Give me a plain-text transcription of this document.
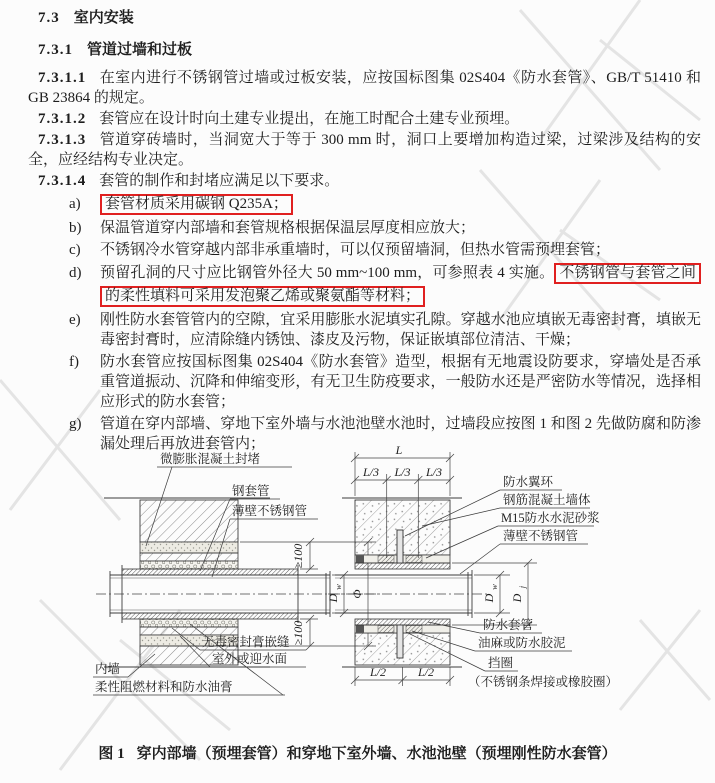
7.3 室内安装
7.3.1 管道过墙和过板

7.3.1.1 在室内进行不锈钢管过墙或过板安装，应按国标图集 02S404《防水套管》、GB/T 51410 和 GB 23864 的规定。

7.3.1.2 套管应在设计时向土建专业提出，在施工时配合土建专业预埋。

7.3.1.3 管道穿砖墙时，当洞宽大于等于 300 mm 时，洞口上要增加构造过梁，过梁涉及结构的安全，应经结构专业决定。

7.3.1.4 套管的制作和封堵应满足以下要求。

a) 套管材质采用碳钢 Q235A；
b) 保温管道穿内部墙和套管规格根据保温层厚度相应放大；
c) 不锈钢冷水管穿越内部非承重墙时，可以仅预留墙洞，但热水管需预埋套管；
d) 预留孔洞的尺寸应比钢管外径大 50 mm~100 mm，可参照表 4 实施。 不锈钢管与套管之间的柔性填料可采用发泡聚乙烯或聚氨酯等材料；
e) 刚性防水套管管内的空隙，宜采用膨胀水泥填实孔隙。穿越水池应填嵌无毒密封膏，填嵌无毒密封膏时，应清除缝内锈蚀、漆皮及污物，保证嵌填部位清洁、干燥；
f) 防水套管应按国标图集 02S404《防水套管》造型，根据有无地震设防要求，穿墙处是否承重管道振动、沉降和伸缩变形，有无卫生防疫要求，一般防水还是严密防水等情况，选择相应形式的防水套管；
g) 管道在穿内部墙、穿地下室外墙与水池池壁水池时，过墙段应按图 1 和图 2 先做防腐和防渗漏处理后再放进套管内；
≥100
D
w
Φ
≥100
微膨胀混凝土封堵
钢套管
薄壁不锈钢管
无毒密封膏嵌缝
室外或迎水面
内墙
柔性阻燃材料和防水油膏
L
L/3 L/3 L/3
L/2	L/2
D
w
D
j
防水翼环
钢筋混凝土墙体
M15防水水泥砂浆
薄壁不锈钢管
防水套管
油麻或防水胶泥
挡圈
（不锈钢条焊接或橡胶圈）
图 1 穿内部墙（预埋套管）和穿地下室外墙、水池池壁（预埋刚性防水套管）
